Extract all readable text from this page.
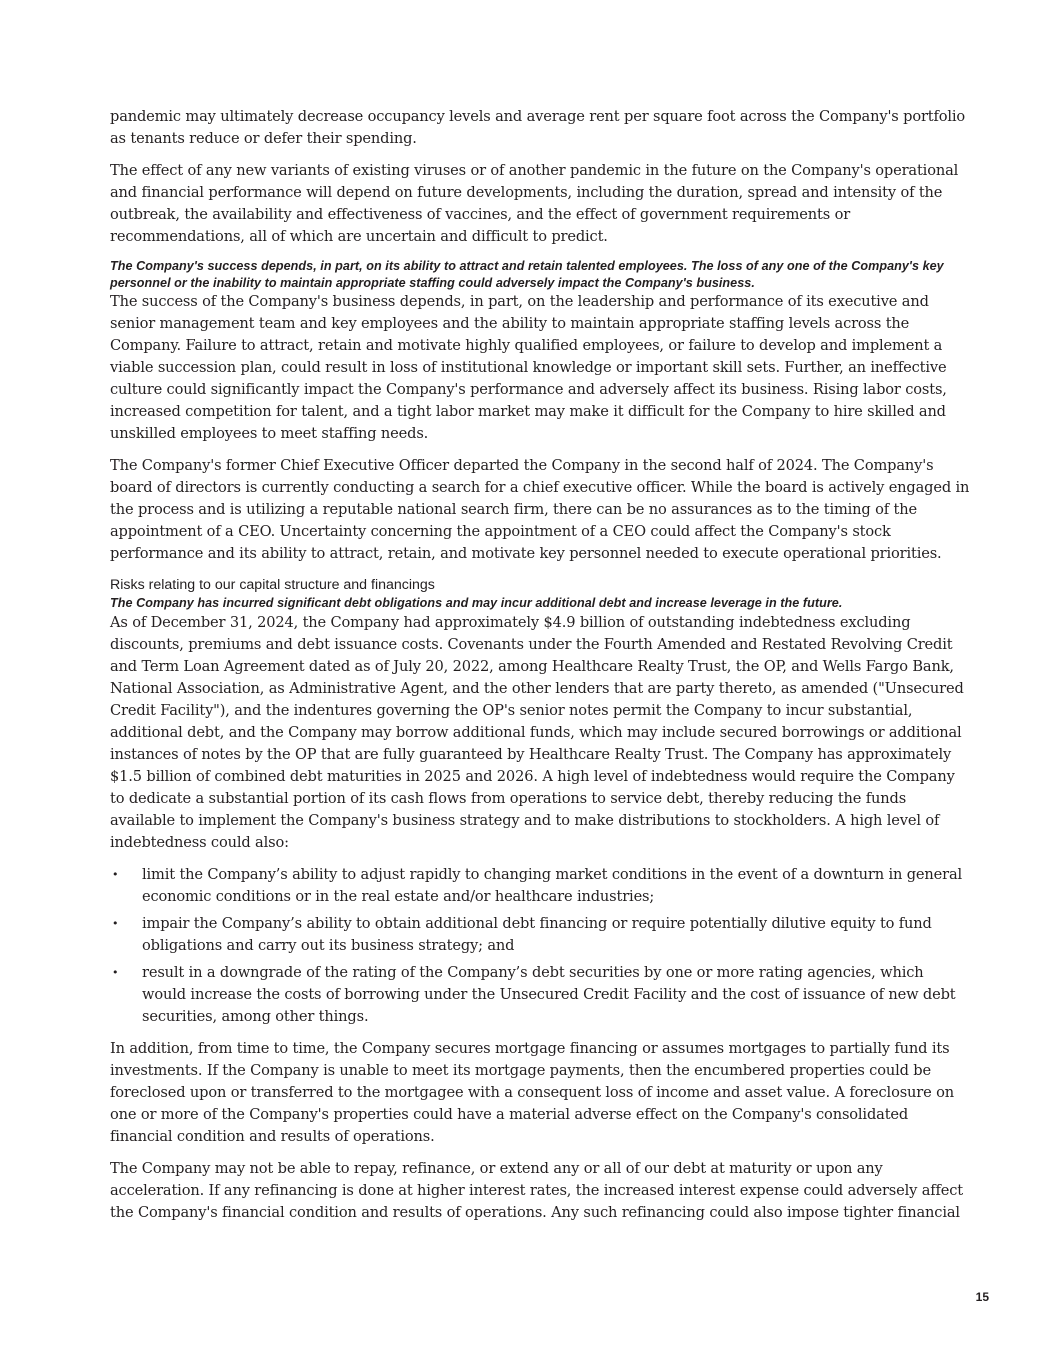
pandemic may ultimately decrease occupancy levels and average rent per square foot across the Company's portfolio as tenants reduce or defer their spending.

The effect of any new variants of existing viruses or of another pandemic in the future on the Company's operational and financial performance will depend on future developments, including the duration, spread and intensity of the outbreak, the availability and effectiveness of vaccines, and the effect of government requirements or recommendations, all of which are uncertain and difficult to predict.

The Company's success depends, in part, on its ability to attract and retain talented employees. The loss of any one of the Company's key personnel or the inability to maintain appropriate staffing could adversely impact the Company's business.

The success of the Company's business depends, in part, on the leadership and performance of its executive and senior management team and key employees and the ability to maintain appropriate staffing levels across the Company. Failure to attract, retain and motivate highly qualified employees, or failure to develop and implement a viable succession plan, could result in loss of institutional knowledge or important skill sets. Further, an ineffective culture could significantly impact the Company's performance and adversely affect its business. Rising labor costs, increased competition for talent, and a tight labor market may make it difficult for the Company to hire skilled and unskilled employees to meet staffing needs.

The Company's former Chief Executive Officer departed the Company in the second half of 2024. The Company's board of directors is currently conducting a search for a chief executive officer. While the board is actively engaged in the process and is utilizing a reputable national search firm, there can be no assurances as to the timing of the appointment of a CEO. Uncertainty concerning the appointment of a CEO could affect the Company's stock performance and its ability to attract, retain, and motivate key personnel needed to execute operational priorities.

Risks relating to our capital structure and financings

The Company has incurred significant debt obligations and may incur additional debt and increase leverage in the future.

As of December 31, 2024, the Company had approximately $4.9 billion of outstanding indebtedness excluding discounts, premiums and debt issuance costs. Covenants under the Fourth Amended and Restated Revolving Credit and Term Loan Agreement dated as of July 20, 2022, among Healthcare Realty Trust, the OP, and Wells Fargo Bank, National Association, as Administrative Agent, and the other lenders that are party thereto, as amended ("Unsecured Credit Facility"), and the indentures governing the OP's senior notes permit the Company to incur substantial, additional debt, and the Company may borrow additional funds, which may include secured borrowings or additional instances of notes by the OP that are fully guaranteed by Healthcare Realty Trust. The Company has approximately $1.5 billion of combined debt maturities in 2025 and 2026. A high level of indebtedness would require the Company to dedicate a substantial portion of its cash flows from operations to service debt, thereby reducing the funds available to implement the Company's business strategy and to make distributions to stockholders. A high level of indebtedness could also:

• limit the Company’s ability to adjust rapidly to changing market conditions in the event of a downturn in general economic conditions or in the real estate and/or healthcare industries;
• impair the Company’s ability to obtain additional debt financing or require potentially dilutive equity to fund obligations and carry out its business strategy; and
• result in a downgrade of the rating of the Company’s debt securities by one or more rating agencies, which would increase the costs of borrowing under the Unsecured Credit Facility and the cost of issuance of new debt securities, among other things.

In addition, from time to time, the Company secures mortgage financing or assumes mortgages to partially fund its investments. If the Company is unable to meet its mortgage payments, then the encumbered properties could be foreclosed upon or transferred to the mortgagee with a consequent loss of income and asset value. A foreclosure on one or more of the Company's properties could have a material adverse effect on the Company's consolidated financial condition and results of operations.

The Company may not be able to repay, refinance, or extend any or all of our debt at maturity or upon any acceleration. If any refinancing is done at higher interest rates, the increased interest expense could adversely affect the Company's financial condition and results of operations. Any such refinancing could also impose tighter financial

15
